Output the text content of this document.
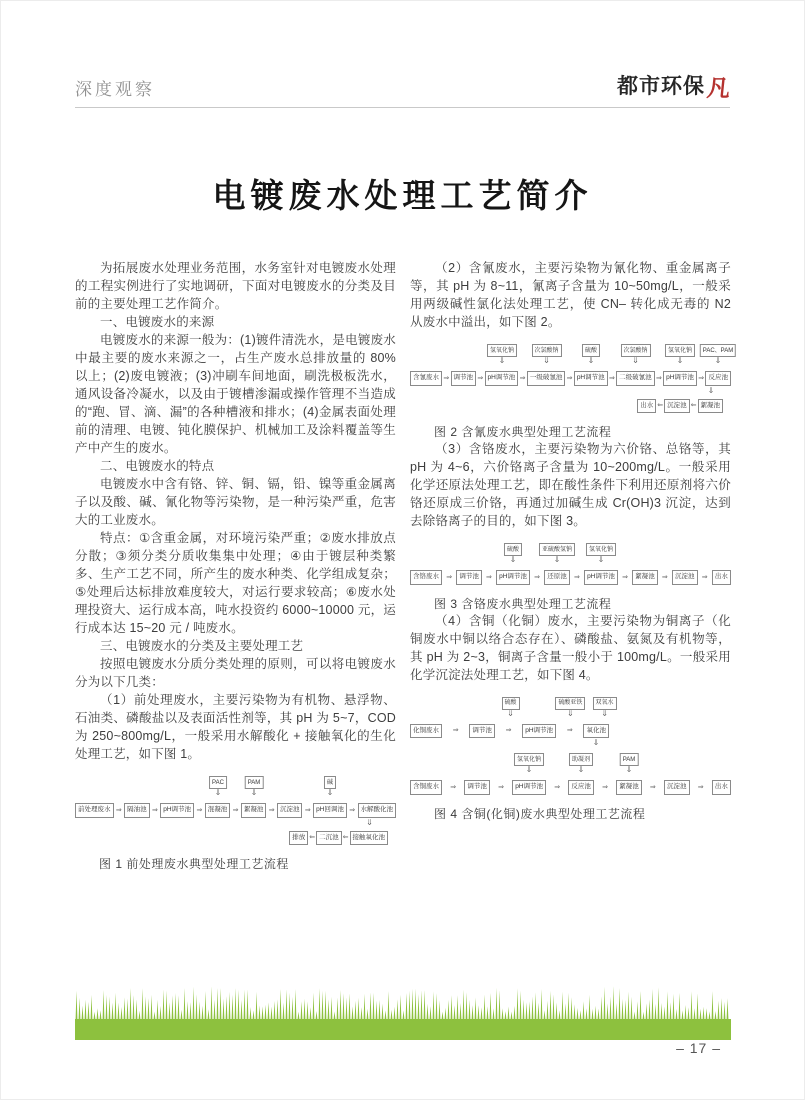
深度观察	都市环保 凡
电镀废水处理工艺简介

为拓展废水处理业务范围，水务室针对电镀废水处理的工程实例进行了实地调研，下面对电镀废水的分类及目前的主要处理工艺作简介。

一、电镀废水的来源

电镀废水的来源一般为：(1)镀件清洗水，是电镀废水中最主要的废水来源之一，占生产废水总排放量的 80%以上；(2)废电镀液；(3)冲刷车间地面，刷洗极板洗水，通风设备冷凝水，以及由于镀槽渗漏或操作管理不当造成的“跑、冒、滴、漏”的各种槽液和排水；(4)金属表面处理前的清理、电镀、钝化膜保护、机械加工及涂料覆盖等生产中产生的废水。

二、电镀废水的特点

电镀废水中含有铬、锌、铜、镉，铅、镍等重金属离子以及酸、碱、氰化物等污染物，是一种污染严重，危害大的工业废水。

特点：①含重金属，对环境污染严重；②废水排放点分散；③须分类分质收集集中处理；④由于镀层种类繁多、生产工艺不同，所产生的废水种类、化学组成复杂；⑤处理后达标排放难度较大，对运行要求较高；⑥废水处理投资大、运行成本高，吨水投资约 6000~10000 元，运行成本达 15~20 元 / 吨废水。

三、电镀废水的分类及主要处理工艺

按照电镀废水分质分类处理的原则，可以将电镀废水分为以下几类：

（1）前处理废水，主要污染物为有机物、悬浮物、石油类、磷酸盐以及表面活性剂等，其 pH 为 5~7，COD 为 250~800mg/L，一般采用水解酸化 + 接触氧化的生化处理工艺，如下图 1。

前处理废水 ⇒ 隔油池 ⇒ pH调节池 ⇒ 混凝池 ⇒ 絮凝池 ⇒ 沉淀池 ⇒ pH回调池 ⇒ 水解酸化池
PAC
⇓
PAM
⇓
碱
⇓
排放 ⇐ 二沉池 ⇐ 接触氧化池
⇓

图 1 前处理废水典型处理工艺流程

（2）含氰废水，主要污染物为氰化物、重金属离子等，其 pH 为 8~11，氰离子含量为 10~50mg/L，一般采用两级碱性氯化法处理工艺，使 CN– 转化成无毒的 N2 从废水中溢出，如下图 2。

含氰废水 ⇒ 调节池 ⇒ pH调节池 ⇒ 一级破氰池 ⇒ pH调节池 ⇒ 二级破氰池 ⇒ pH调节池 ⇒ 反应池
氢氧化钠
⇓
次氯酸钠
⇓
硫酸
⇓
次氯酸钠
⇓
氢氧化钠
⇓
PAC、PAM
⇓
出水 ⇐ 沉淀池 ⇐ 絮凝池
⇓

图 2 含氰废水典型处理工艺流程

（3）含铬废水，主要污染物为六价铬、总铬等，其 pH 为 4~6，六价铬离子含量为 10~200mg/L。一般采用化学还原法处理工艺，即在酸性条件下利用还原剂将六价铬还原成三价铬，再通过加碱生成 Cr(OH)3 沉淀，达到去除铬离子的目的，如下图 3。

含铬废水	⇒	调节池	⇒	pH调节池	⇒	还原池	⇒	pH调节池	⇒	絮凝池	⇒	沉淀池	⇒	出水
硫酸
⇓
亚硫酸氢钠
⇓
氢氧化钠
⇓

图 3 含铬废水典型处理工艺流程

（4）含铜（化铜）废水，主要污染物为铜离子（化铜废水中铜以络合态存在）、磷酸盐、氨氮及有机物等，其 pH 为 2~3，铜离子含量一般小于 100mg/L。一般采用化学沉淀法处理工艺，如下图 4。

化铜废水	⇒	调节池	⇒	pH调节池	⇒	氧化池
硫酸
⇓
硫酸亚铁
⇓
双氧水
⇓
⇓
含铜废水	⇒	调节池	⇒	pH调节池	⇒	反应池	⇒	絮凝池	⇒	沉淀池	⇒	出水
氢氧化钠
⇓
助凝剂
⇓
PAM
⇓

图 4 含铜(化铜)废水典型处理工艺流程

– 17 –
